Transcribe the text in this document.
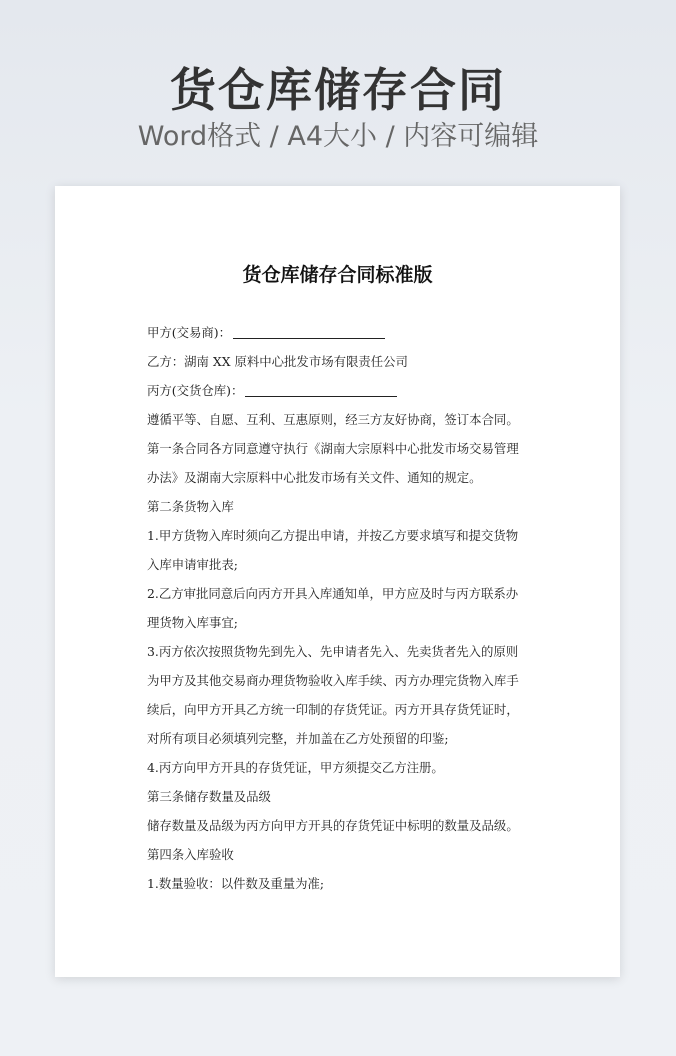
货仓库储存合同
Word格式 / A4大小 / 内容可编辑
货仓库储存合同标准版
甲方(交易商)：
乙方：湖南 XX 原料中心批发市场有限责任公司
丙方(交货仓库)：
遵循平等、自愿、互利、互惠原则，经三方友好协商，签订本合同。
第一条合同各方同意遵守执行《湖南大宗原料中心批发市场交易管理
办法》及湖南大宗原料中心批发市场有关文件、通知的规定。
第二条货物入库
1.甲方货物入库时须向乙方提出申请，并按乙方要求填写和提交货物
入库申请审批表;
2.乙方审批同意后向丙方开具入库通知单，甲方应及时与丙方联系办
理货物入库事宜;
3.丙方依次按照货物先到先入、先申请者先入、先卖货者先入的原则
为甲方及其他交易商办理货物验收入库手续、丙方办理完货物入库手
续后，向甲方开具乙方统一印制的存货凭证。丙方开具存货凭证时，
对所有项目必须填列完整，并加盖在乙方处预留的印鉴;
4.丙方向甲方开具的存货凭证，甲方须提交乙方注册。
第三条储存数量及品级
储存数量及品级为丙方向甲方开具的存货凭证中标明的数量及品级。
第四条入库验收
1.数量验收：以件数及重量为准;
